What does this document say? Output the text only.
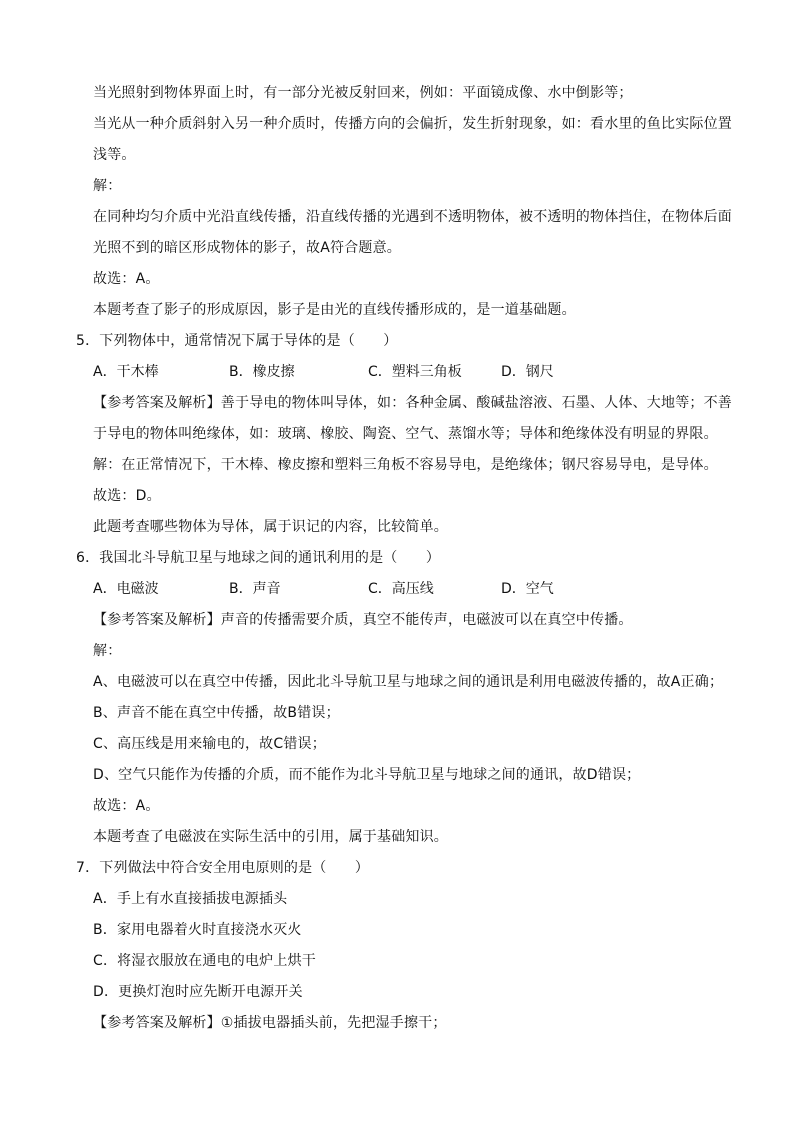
当光照射到物体界面上时，有一部分光被反射回来，例如：平面镜成像、水中倒影等；
当光从一种介质斜射入另一种介质时，传播方向的会偏折，发生折射现象，如：看水里的鱼比实际位置
浅等。
解：
在同种均匀介质中光沿直线传播，沿直线传播的光遇到不透明物体，被不透明的物体挡住，在物体后面
光照不到的暗区形成物体的影子，故A符合题意。
故选：A。
本题考查了影子的形成原因，影子是由光的直线传播形成的，是一道基础题。
5．下列物体中，通常情况下属于导体的是（　　）
A．干木棒	B．橡皮擦	C．塑料三角板	D．钢尺
【参考答案及解析】善于导电的物体叫导体，如：各种金属、酸碱盐溶液、石墨、人体、大地等；不善
于导电的物体叫绝缘体，如：玻璃、橡胶、陶瓷、空气、蒸馏水等；导体和绝缘体没有明显的界限。
解：在正常情况下，干木棒、橡皮擦和塑料三角板不容易导电，是绝缘体；钢尺容易导电，是导体。
故选：D。
此题考查哪些物体为导体，属于识记的内容，比较简单。
6．我国北斗导航卫星与地球之间的通讯利用的是（　　）
A．电磁波	B．声音	C．高压线	D．空气
【参考答案及解析】声音的传播需要介质，真空不能传声，电磁波可以在真空中传播。
解：
A、电磁波可以在真空中传播，因此北斗导航卫星与地球之间的通讯是利用电磁波传播的，故A正确；
B、声音不能在真空中传播，故B错误；
C、高压线是用来输电的，故C错误；
D、空气只能作为传播的介质，而不能作为北斗导航卫星与地球之间的通讯，故D错误；
故选：A。
本题考查了电磁波在实际生活中的引用，属于基础知识。
7．下列做法中符合安全用电原则的是（　　）
A．手上有水直接插拔电源插头
B．家用电器着火时直接浇水灭火
C．将湿衣服放在通电的电炉上烘干
D．更换灯泡时应先断开电源开关
【参考答案及解析】①插拔电器插头前，先把湿手擦干；
